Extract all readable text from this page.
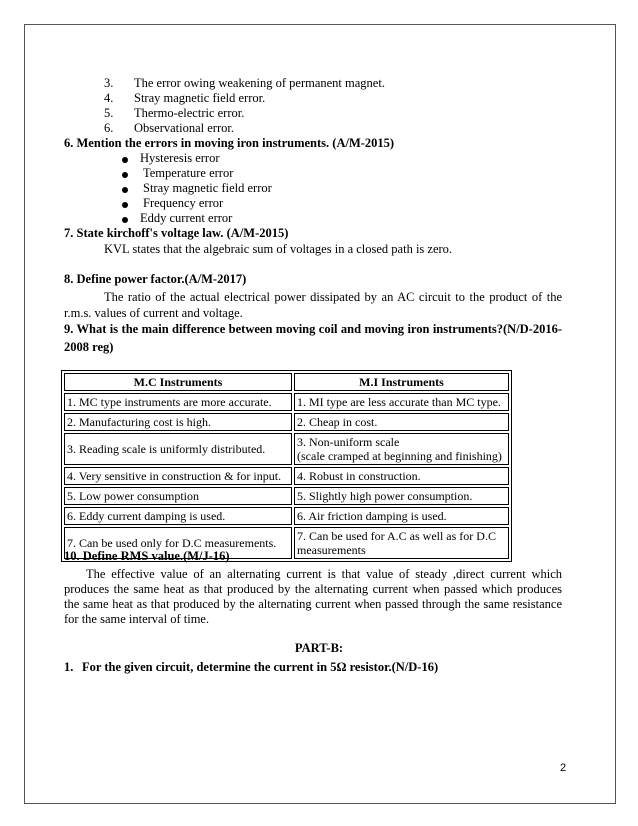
3. The error owing weakening of permanent magnet.
4. Stray magnetic field error.
5. Thermo-electric error.
6. Observational error.
6. Mention the errors in moving iron instruments. (A/M-2015)
Hysteresis error
Temperature error
Stray magnetic field error
Frequency error
Eddy current error
7. State kirchoff's voltage law. (A/M-2015)
KVL states that the algebraic sum of voltages in a closed path is zero.
8. Define power factor.(A/M-2017)
The ratio of the actual electrical power dissipated by an AC circuit to the product of the
r.m.s. values of current and voltage.
9. What is the main difference between moving coil and moving iron instruments?(N/D-2016-
2008 reg)
M.C Instruments	M.I Instruments
1. MC type instruments are more accurate.	1. MI type are less accurate than MC type.
2. Manufacturing cost is high.	2. Cheap in cost.
3. Reading scale is uniformly distributed.	3. Non-uniform scale
(scale cramped at beginning and finishing)

4. Very sensitive in construction & for input.	4. Robust in construction.
5. Low power consumption	5. Slightly high power consumption.
6. Eddy current damping is used.	6. Air friction damping is used.
7. Can be used only for D.C measurements.	7. Can be used for A.C as well as for D.C
measurements
10. Define RMS value.(M/J-16)
The effective value of an alternating current is that value of steady ,direct current which
produces the same heat as that produced by the alternating current when passed which produces
the same heat as that produced by the alternating current when passed through the same resistance
for the same interval of time.
PART-B:
1. For the given circuit, determine the current in 5Ω resistor.(N/D-16)
2
